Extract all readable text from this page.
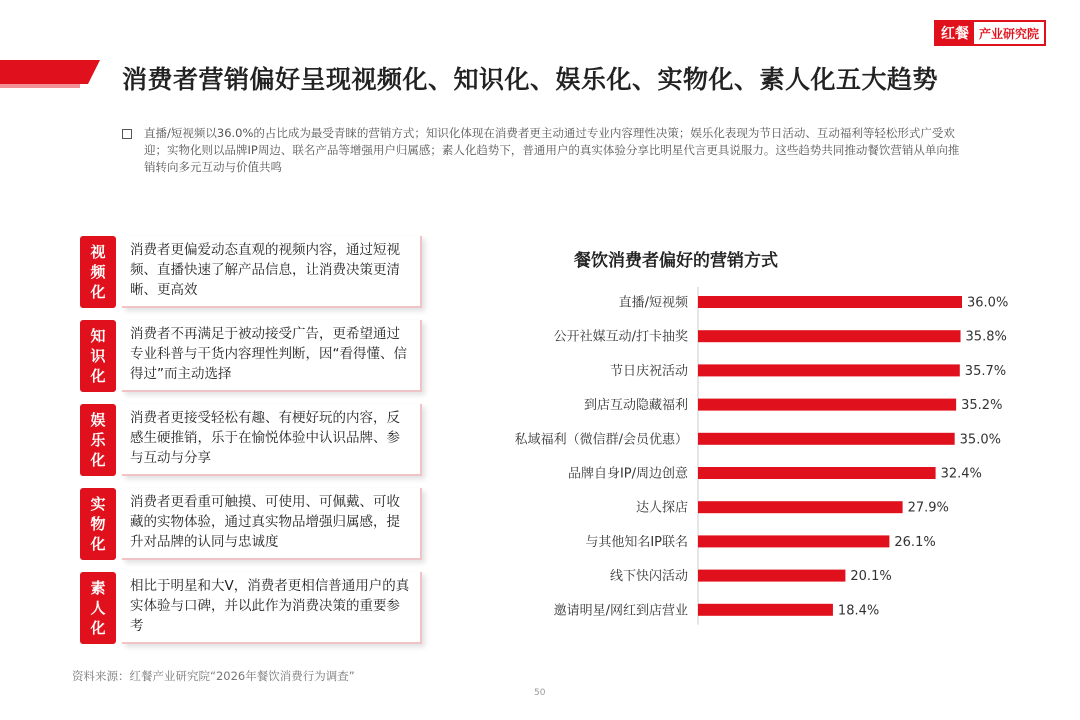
红餐 产业研究院
消费者营销偏好呈现视频化、知识化、娱乐化、实物化、素人化五大趋势

直播/短视频以36.0%的占比成为最受青睐的营销方式；知识化体现在消费者更主动通过专业内容理性决策；娱乐化表现为节日活动、互动福利等轻松形式广受欢迎；实物化则以品牌IP周边、联名产品等增强用户归属感；素人化趋势下，普通用户的真实体验分享比明星代言更具说服力。这些趋势共同推动餐饮营销从单向推销转向多元互动与价值共鸣

视
频
化
消费者更偏爱动态直观的视频内容，通过短视频、直播快速了解产品信息，让消费决策更清晰、更高效
知
识
化
消费者不再满足于被动接受广告，更希望通过专业科普与干货内容理性判断，因“看得懂、信得过”而主动选择
娱
乐
化
消费者更接受轻松有趣、有梗好玩的内容，反感生硬推销，乐于在愉悦体验中认识品牌、参与互动与分享
实
物
化
消费者更看重可触摸、可使用、可佩戴、可收藏的实物体验，通过真实物品增强归属感，提升对品牌的认同与忠诚度
素
人
化
相比于明星和大V，消费者更相信普通用户的真实体验与口碑，并以此作为消费决策的重要参考
餐饮消费者偏好的营销方式
直播/短视频	36.0%
公开社媒互动/打卡抽奖	35.8%
节日庆祝活动	35.7%
到店互动隐藏福利	35.2%
私域福利（微信群/会员优惠）	35.0%
品牌自身IP/周边创意	32.4%
达人探店	27.9%
与其他知名IP联名	26.1%
线下快闪活动	20.1%
邀请明星/网红到店营业	18.4%
资料来源：红餐产业研究院“2026年餐饮消费行为调查”
50
